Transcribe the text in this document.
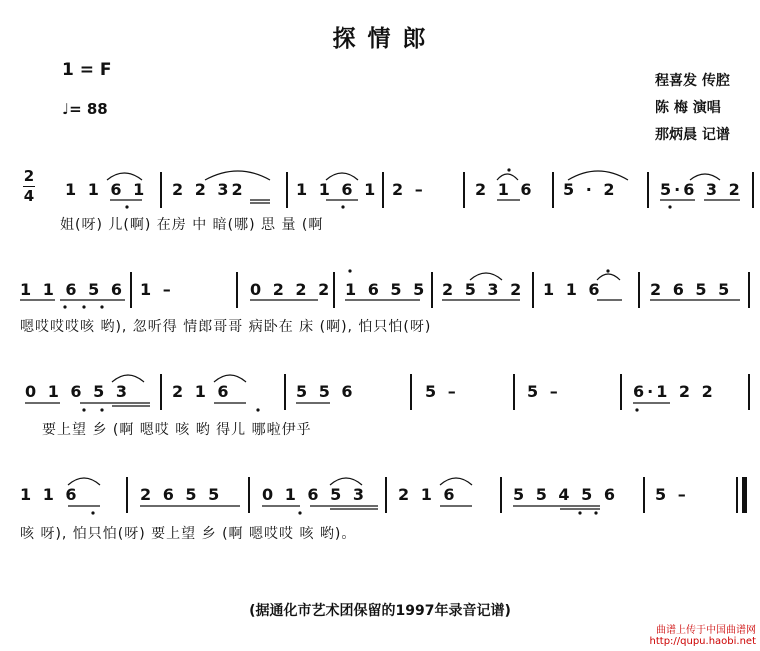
探 情 郎
1 = F
♩= 88
程喜发 传腔
陈 梅 演唱
那炳晨 记谱
2
4 1 1 6 1 2 2 32	1 1 6 1 2 –	2 1 6 5 · 2	5·6 3 2
姐(呀) 儿(啊) 在房 中 暗(哪) 思 量 (啊
1 1 6 5 6 1 –	0 2 2 2 1 6 5 5 2 5 3 2 1 1 6	2 6 5 5
嗯哎哎哎咳 哟), 忽听得 情郎哥哥 病卧在 床 (啊), 怕只怕(呀)
0 1 6 5 3	2 1 6	5 5 6	5 –	5 –	6·1 2 2
要上望 乡 (啊 嗯哎 咳 哟 得儿 哪啦伊乎
1 1 6	2 6 5 5 0 1 6 5 3 2 1 6	5 5 4 5 6 5 –
咳 呀), 怕只怕(呀) 要上望 乡 (啊 嗯哎哎 咳 哟)。
(据通化市艺术团保留的1997年录音记谱)
曲谱上传于中国曲谱网
http://qupu.haobi.net
